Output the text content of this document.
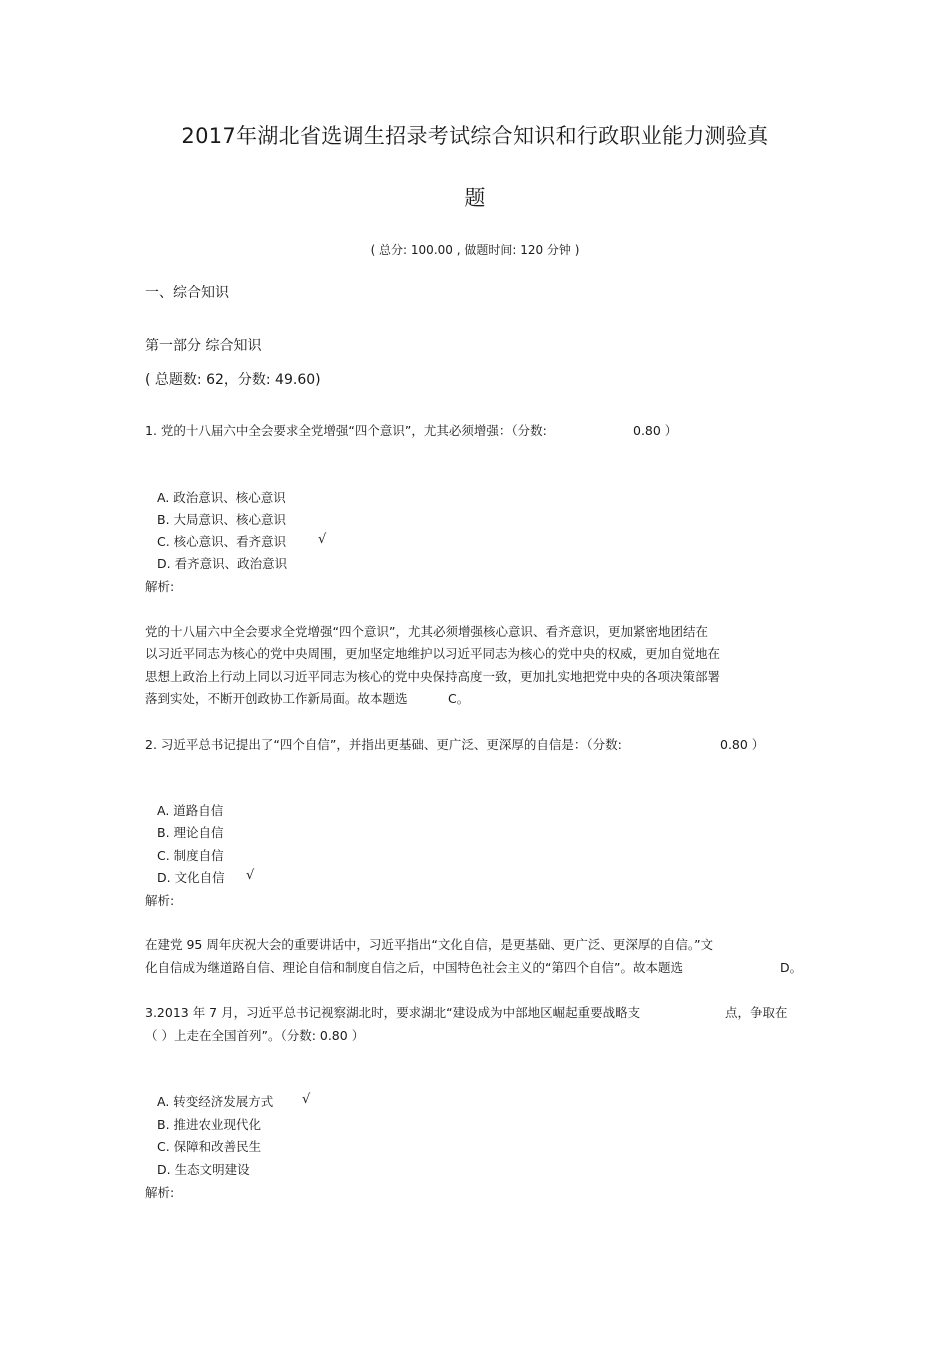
2017年湖北省选调生招录考试综合知识和行政职业能力测验真
题
( 总分: 100.00 , 做题时间: 120 分钟 )
一、综合知识
第一部分 综合知识
( 总题数: 62，分数: 49.60)
1. 党的十八届六中全会要求全党增强“四个意识”，尤其必须增强：（分数:	0.80 ）
A. 政治意识、核心意识
B. 大局意识、核心意识
C. 核心意识、看齐意识 √
D. 看齐意识、政治意识
解析:
党的十八届六中全会要求全党增强“四个意识”，尤其必须增强核心意识、看齐意识，更加紧密地团结在
以习近平同志为核心的党中央周围，更加坚定地维护以习近平同志为核心的党中央的权威，更加自觉地在
思想上政治上行动上同以习近平同志为核心的党中央保持高度一致，更加扎实地把党中央的各项决策部署
落到实处，不断开创政协工作新局面。故本题选	C。
2. 习近平总书记提出了“四个自信”，并指出更基础、更广泛、更深厚的自信是：（分数:	0.80 ）
A. 道路自信
B. 理论自信
C. 制度自信
D. 文化自信 √
解析:
在建党 95 周年庆祝大会的重要讲话中，习近平指出“文化自信，是更基础、更广泛、更深厚的自信。”文
化自信成为继道路自信、理论自信和制度自信之后，中国特色社会主义的“第四个自信”。故本题选	D。
3.2013 年 7 月，习近平总书记视察湖北时，要求湖北“建设成为中部地区崛起重要战略支	点，争取在
（ ）上走在全国首列”。（分数: 0.80 ）
A. 转变经济发展方式 √
B. 推进农业现代化
C. 保障和改善民生
D. 生态文明建设
解析:
